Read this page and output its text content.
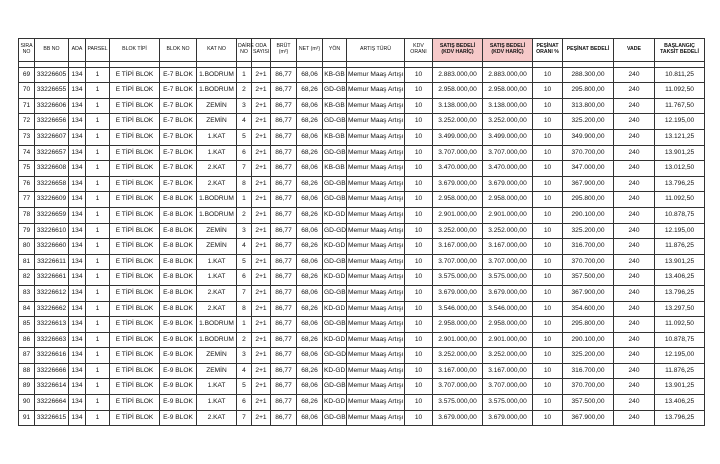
SIRA NO	BB NO	ADA	PARSEL	BLOK TİPİ	BLOK NO	KAT NO	DAİRE NO	ODA SAYISI	BRÜT (m²)	NET (m²)	YÖN	ARTIŞ TÜRÜ	KDV ORANI	SATIŞ BEDELİ (KDV HARİÇ)	SATIŞ BEDELİ (KDV HARİÇ)	PEŞİNAT ORANI %	PEŞİNAT BEDELİ	VADE	BAŞLANGIÇ TAKSİT BEDELİ

69	33226605	134	1	E TİPİ BLOK	E-7 BLOK	1.BODRUM	1	2+1	86,77	68,06	KB-GB	Memur Maaş Artışı	10	2.883.000,00	2.883.000,00	10	288.300,00	240	10.811,25
70	33226655	134	1	E TİPİ BLOK	E-7 BLOK	1.BODRUM	2	2+1	86,77	68,26	GD-GB	Memur Maaş Artışı	10	2.958.000,00	2.958.000,00	10	295.800,00	240	11.092,50
71	33226606	134	1	E TİPİ BLOK	E-7 BLOK	ZEMİN	3	2+1	86,77	68,06	KB-GB	Memur Maaş Artışı	10	3.138.000,00	3.138.000,00	10	313.800,00	240	11.767,50
72	33226656	134	1	E TİPİ BLOK	E-7 BLOK	ZEMİN	4	2+1	86,77	68,26	GD-GB	Memur Maaş Artışı	10	3.252.000,00	3.252.000,00	10	325.200,00	240	12.195,00
73	33226607	134	1	E TİPİ BLOK	E-7 BLOK	1.KAT	5	2+1	86,77	68,06	KB-GB	Memur Maaş Artışı	10	3.499.000,00	3.499.000,00	10	349.900,00	240	13.121,25
74	33226657	134	1	E TİPİ BLOK	E-7 BLOK	1.KAT	6	2+1	86,77	68,26	GD-GB	Memur Maaş Artışı	10	3.707.000,00	3.707.000,00	10	370.700,00	240	13.901,25
75	33226608	134	1	E TİPİ BLOK	E-7 BLOK	2.KAT	7	2+1	86,77	68,06	KB-GB	Memur Maaş Artışı	10	3.470.000,00	3.470.000,00	10	347.000,00	240	13.012,50
76	33226658	134	1	E TİPİ BLOK	E-7 BLOK	2.KAT	8	2+1	86,77	68,26	GD-GB	Memur Maaş Artışı	10	3.679.000,00	3.679.000,00	10	367.900,00	240	13.796,25
77	33226609	134	1	E TİPİ BLOK	E-8 BLOK	1.BODRUM	1	2+1	86,77	68,06	GD-GB	Memur Maaş Artışı	10	2.958.000,00	2.958.000,00	10	295.800,00	240	11.092,50
78	33226659	134	1	E TİPİ BLOK	E-8 BLOK	1.BODRUM	2	2+1	86,77	68,26	KD-GD	Memur Maaş Artışı	10	2.901.000,00	2.901.000,00	10	290.100,00	240	10.878,75
79	33226610	134	1	E TİPİ BLOK	E-8 BLOK	ZEMİN	3	2+1	86,77	68,06	GD-GD	Memur Maaş Artışı	10	3.252.000,00	3.252.000,00	10	325.200,00	240	12.195,00
80	33226660	134	1	E TİPİ BLOK	E-8 BLOK	ZEMİN	4	2+1	86,77	68,26	KD-GD	Memur Maaş Artışı	10	3.167.000,00	3.167.000,00	10	316.700,00	240	11.876,25
81	33226611	134	1	E TİPİ BLOK	E-8 BLOK	1.KAT	5	2+1	86,77	68,06	GD-GB	Memur Maaş Artışı	10	3.707.000,00	3.707.000,00	10	370.700,00	240	13.901,25
82	33226661	134	1	E TİPİ BLOK	E-8 BLOK	1.KAT	6	2+1	86,77	68,26	KD-GD	Memur Maaş Artışı	10	3.575.000,00	3.575.000,00	10	357.500,00	240	13.406,25
83	33226612	134	1	E TİPİ BLOK	E-8 BLOK	2.KAT	7	2+1	86,77	68,06	GD-GB	Memur Maaş Artışı	10	3.679.000,00	3.679.000,00	10	367.900,00	240	13.796,25
84	33226662	134	1	E TİPİ BLOK	E-8 BLOK	2.KAT	8	2+1	86,77	68,26	KD-GD	Memur Maaş Artışı	10	3.546.000,00	3.546.000,00	10	354.600,00	240	13.297,50
85	33226613	134	1	E TİPİ BLOK	E-9 BLOK	1.BODRUM	1	2+1	86,77	68,06	GD-GB	Memur Maaş Artışı	10	2.958.000,00	2.958.000,00	10	295.800,00	240	11.092,50
86	33226663	134	1	E TİPİ BLOK	E-9 BLOK	1.BODRUM	2	2+1	86,77	68,26	KD-GD	Memur Maaş Artışı	10	2.901.000,00	2.901.000,00	10	290.100,00	240	10.878,75
87	33226616	134	1	E TİPİ BLOK	E-9 BLOK	ZEMİN	3	2+1	86,77	68,06	GD-GD	Memur Maaş Artışı	10	3.252.000,00	3.252.000,00	10	325.200,00	240	12.195,00
88	33226666	134	1	E TİPİ BLOK	E-9 BLOK	ZEMİN	4	2+1	86,77	68,26	KD-GD	Memur Maaş Artışı	10	3.167.000,00	3.167.000,00	10	316.700,00	240	11.876,25
89	33226614	134	1	E TİPİ BLOK	E-9 BLOK	1.KAT	5	2+1	86,77	68,06	GD-GB	Memur Maaş Artışı	10	3.707.000,00	3.707.000,00	10	370.700,00	240	13.901,25
90	33226664	134	1	E TİPİ BLOK	E-9 BLOK	1.KAT	6	2+1	86,77	68,26	KD-GD	Memur Maaş Artışı	10	3.575.000,00	3.575.000,00	10	357.500,00	240	13.406,25
91	33226615	134	1	E TİPİ BLOK	E-9 BLOK	2.KAT	7	2+1	86,77	68,06	GD-GB	Memur Maaş Artışı	10	3.679.000,00	3.679.000,00	10	367.900,00	240	13.796,25
